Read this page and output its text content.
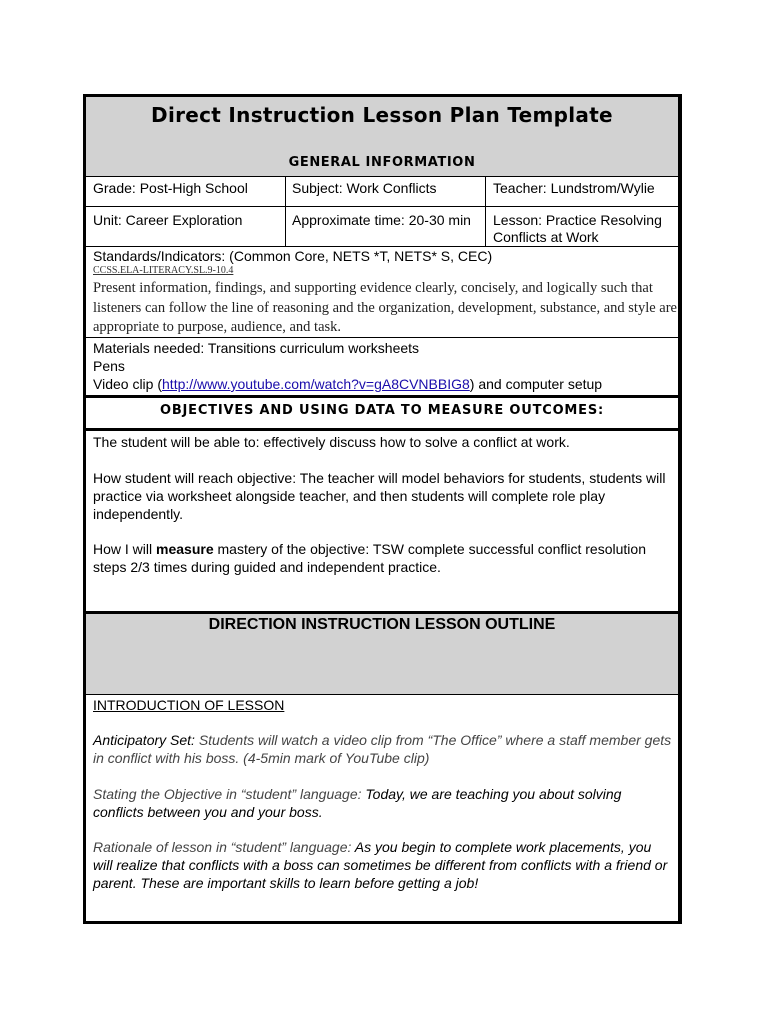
Direct Instruction Lesson Plan Template
GENERAL INFORMATION
Grade: Post-High School	Subject: Work Conflicts	Teacher: Lundstrom/Wylie
Unit: Career Exploration	Approximate time: 20-30 min	Lesson: Practice Resolving Conflicts at Work
Standards/Indicators: (Common Core, NETS *T, NETS* S, CEC)
CCSS.ELA-LITERACY.SL.9-10.4
Present information, findings, and supporting evidence clearly, concisely, and logically such that listeners can follow the line of reasoning and the organization, development, substance, and style are appropriate to purpose, audience, and task.
Materials needed: Transitions curriculum worksheets
Pens
Video clip (http://www.youtube.com/watch?v=gA8CVNBBIG8) and computer setup
OBJECTIVES AND USING DATA TO MEASURE OUTCOMES:
The student will be able to: effectively discuss how to solve a conflict at work.
How student will reach objective: The teacher will model behaviors for students, students will practice via worksheet alongside teacher, and then students will complete role play independently.
How I will measure mastery of the objective: TSW complete successful conflict resolution steps 2/3 times during guided and independent practice.
DIRECTION INSTRUCTION LESSON OUTLINE
INTRODUCTION OF LESSON
Anticipatory Set: Students will watch a video clip from “The Office” where a staff member gets in conflict with his boss. (4-5min mark of YouTube clip)
Stating the Objective in “student” language: Today, we are teaching you about solving conflicts between you and your boss.
Rationale of lesson in “student” language: As you begin to complete work placements, you will realize that conflicts with a boss can sometimes be different from conflicts with a friend or parent. These are important skills to learn before getting a job!
